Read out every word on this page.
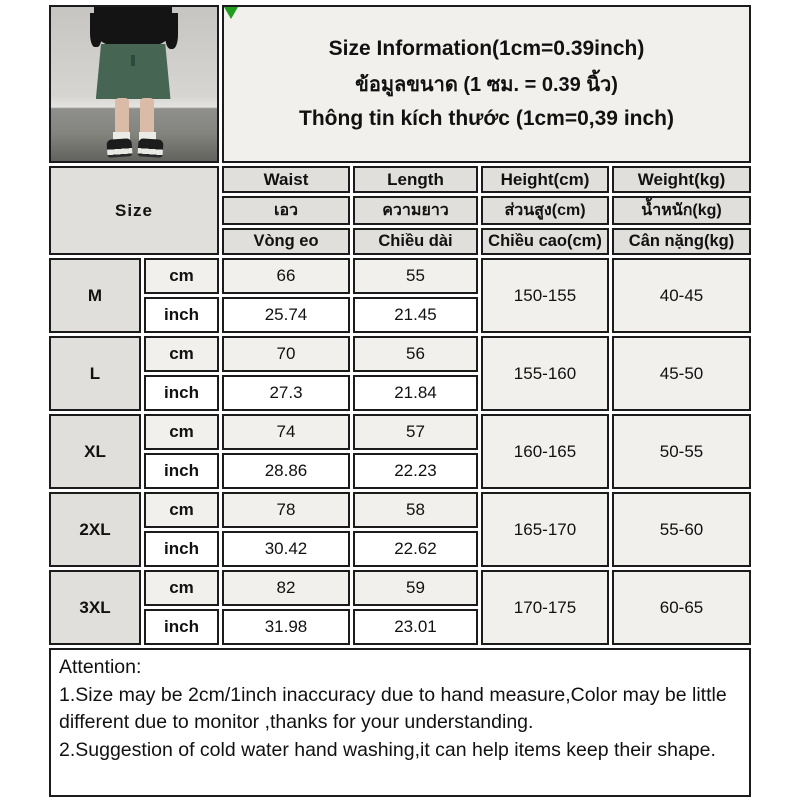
		Size Information(1cm=0.39inch)
ข้อมูลขนาด (1 ซม. = 0.39 นิ้ว)
Thông tin kích thước (1cm=0,39 inch)			

Size		Waist	Length	Height(cm)	Weight(kg)
		เอว	ความยาว	ส่วนสูง(cm)	น้ำหนัก(kg)
		Vòng eo	Chiều dài	Chiều cao(cm)	Cân nặng(kg)
M	cm	66	55	150-155	40-45
	inch	25.74	21.45		
L	cm	70	56	155-160	45-50
	inch	27.3	21.84		
XL	cm	74	57	160-165	50-55
	inch	28.86	22.23		
2XL	cm	78	58	165-170	55-60
	inch	30.42	22.62		
3XL	cm	82	59	170-175	60-65
	inch	31.98	23.01		
Attention:
1.Size may be 2cm/1inch inaccuracy due to hand measure,Color may be little different due to monitor ,thanks for your understanding.
2.Suggestion of cold water hand washing,it can help items keep their shape.
